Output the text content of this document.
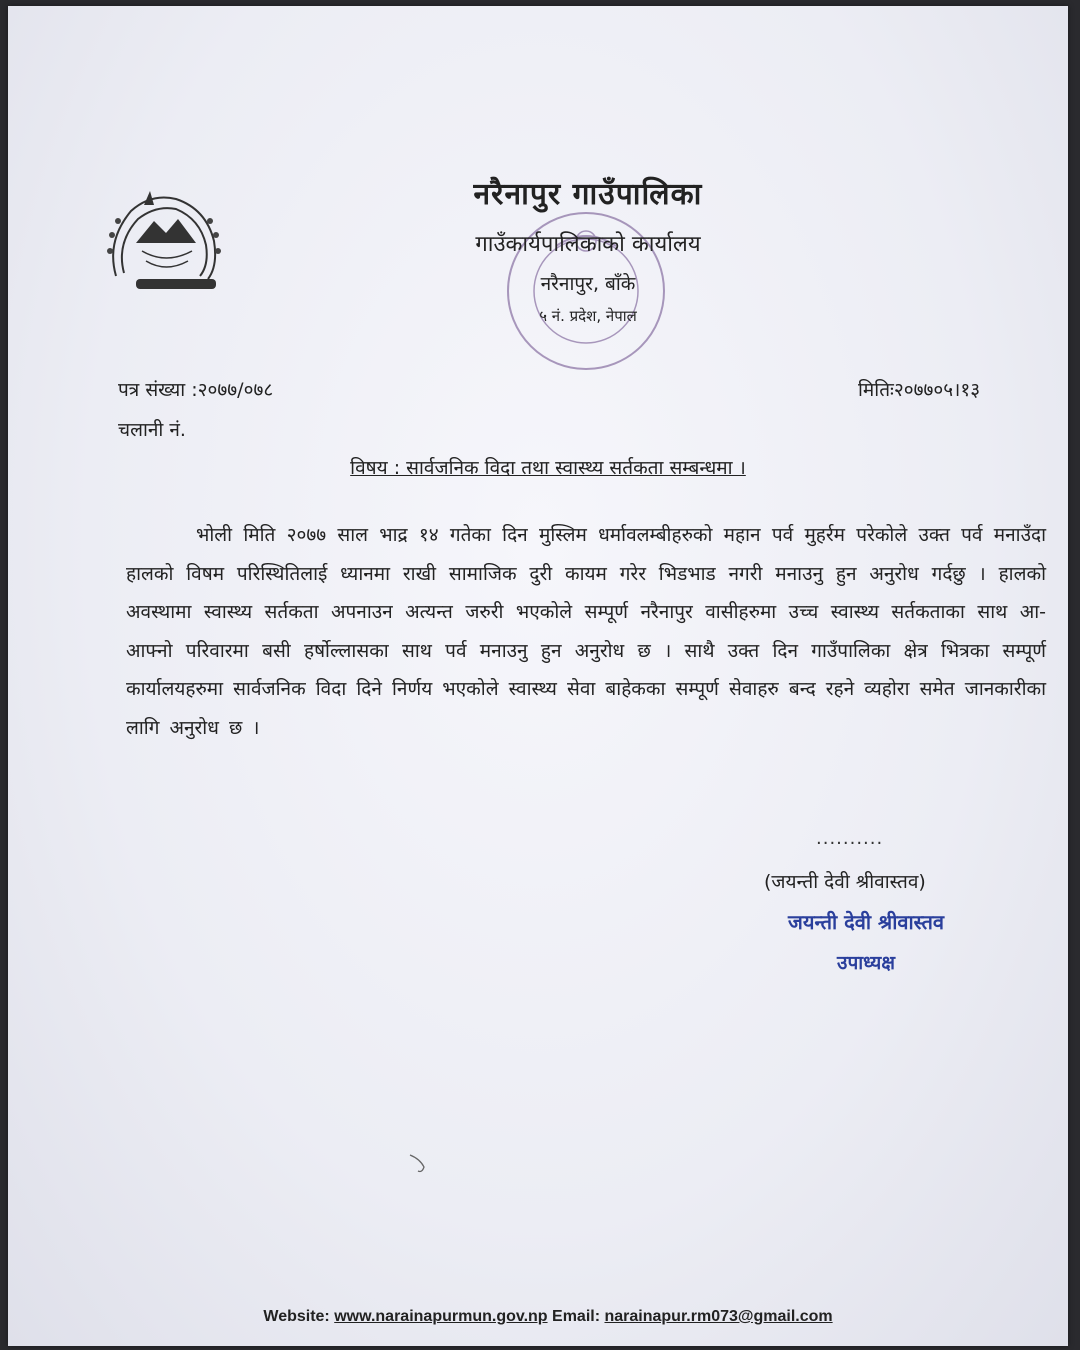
नरैनापुर गाउँपालिका
गाउँकार्यपालिकाको कार्यालय
नरैनापुर, बाँके
५ नं. प्रदेश, नेपाल
पत्र संख्या :२०७७/०७८
चलानी नं.
मितिः२०७७०५।१३
विषय : सार्वजनिक विदा तथा स्वास्थ्य सर्तकता सम्बन्धमा ।
भोली मिति २०७७ साल भाद्र १४ गतेका दिन मुस्लिम धर्मावलम्बीहरुको महान पर्व मुहर्रम परेकोले उक्त पर्व मनाउँदा हालको विषम परिस्थितिलाई ध्यानमा राखी सामाजिक दुरी कायम गरेर भिडभाड नगरी मनाउनु हुन अनुरोध गर्दछु । हालको अवस्थामा स्वास्थ्य सर्तकता अपनाउन अत्यन्त जरुरी भएकोले सम्पूर्ण नरैनापुर वासीहरुमा उच्च स्वास्थ्य सर्तकताका साथ आ-आफ्नो परिवारमा बसी हर्षोल्लासका साथ पर्व मनाउनु हुन अनुरोध छ । साथै उक्त दिन गाउँपालिका क्षेत्र भित्रका सम्पूर्ण कार्यालयहरुमा सार्वजनिक विदा दिने निर्णय भएकोले स्वास्थ्य सेवा बाहेकका सम्पूर्ण सेवाहरु बन्द रहने व्यहोरा समेत जानकारीका लागि अनुरोध छ ।
..........
(जयन्ती देवी श्रीवास्तव)
जयन्ती देवी श्रीवास्तव
उपाध्यक्ष
Website: www.narainapurmun.gov.np Email: narainapur.rm073@gmail.com
